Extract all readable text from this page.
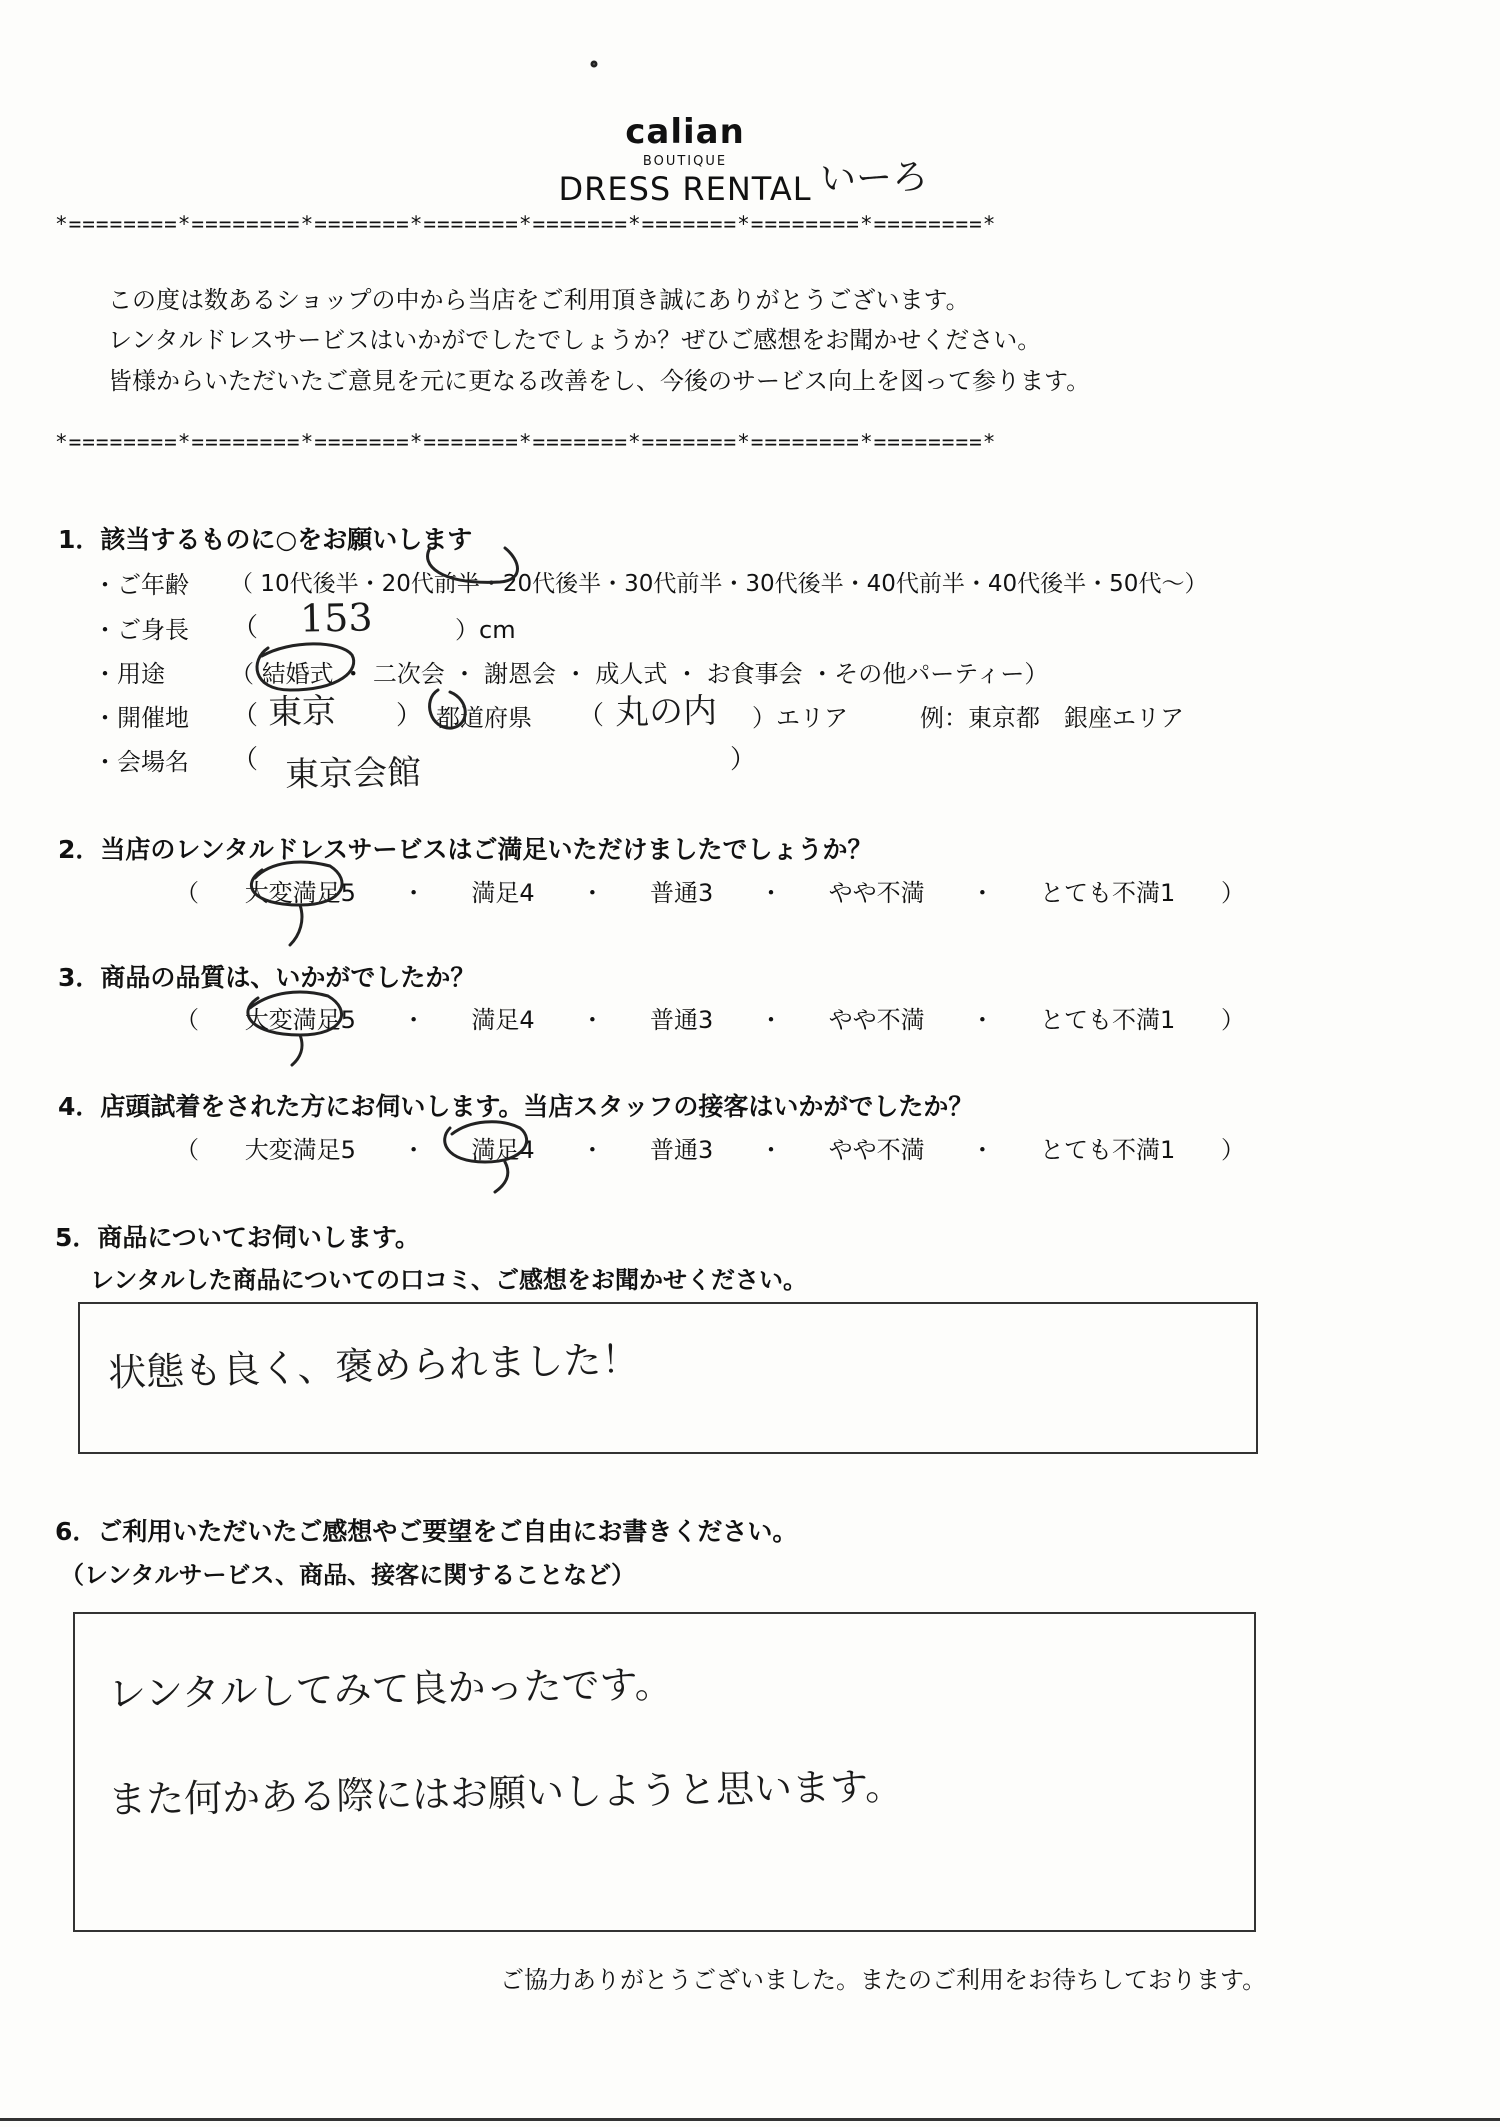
calian
BOUTIQUE
DRESS RENTAL いーろ
*========*========*=======*=======*=======*=======*========*========*
*========*========*=======*=======*=======*=======*========*========*
この度は数あるショップの中から当店をご利用頂き誠にありがとうございます。
レンタルドレスサービスはいかがでしたでしょうか？ぜひご感想をお聞かせください。
皆様からいただいたご意見を元に更なる改善をし、今後のサービス向上を図って参ります。
1．該当するものに○をお願いします
・ご年齢 （ 10代後半・20代前半・20代後半・30代前半・30代後半・40代前半・40代後半・50代〜）
・ご身長 （ 153	）cm
・用途	（ 結婚式 ・ 二次会 ・ 謝恩会 ・ 成人式 ・ お食事会 ・その他パーティー）
・開催地 （ 東京 ） 都道府県 （ 丸の内 ）エリア	例：東京都　銀座エリア
・会場名 （ 東京会館	）
2．当店のレンタルドレスサービスはご満足いただけましたでしょうか？
（ 大変満足5 ・ 満足4 ・ 普通3 ・ やや不満 ・ とても不満1 ）
3．商品の品質は、いかがでしたか？
（ 大変満足5 ・ 満足4 ・ 普通3 ・ やや不満 ・ とても不満1 ）
4．店頭試着をされた方にお伺いします。当店スタッフの接客はいかがでしたか？
（ 大変満足5 ・ 満足4 ・ 普通3 ・ やや不満 ・ とても不満1 ）
5．商品についてお伺いします。
レンタルした商品についての口コミ、ご感想をお聞かせください。
状態も良く、褒められました！
6．ご利用いただいたご感想やご要望をご自由にお書きください。
（レンタルサービス、商品、接客に関することなど）
レンタルしてみて良かったです。
また何かある際にはお願いしようと思います。
ご協力ありがとうございました。またのご利用をお待ちしております。
